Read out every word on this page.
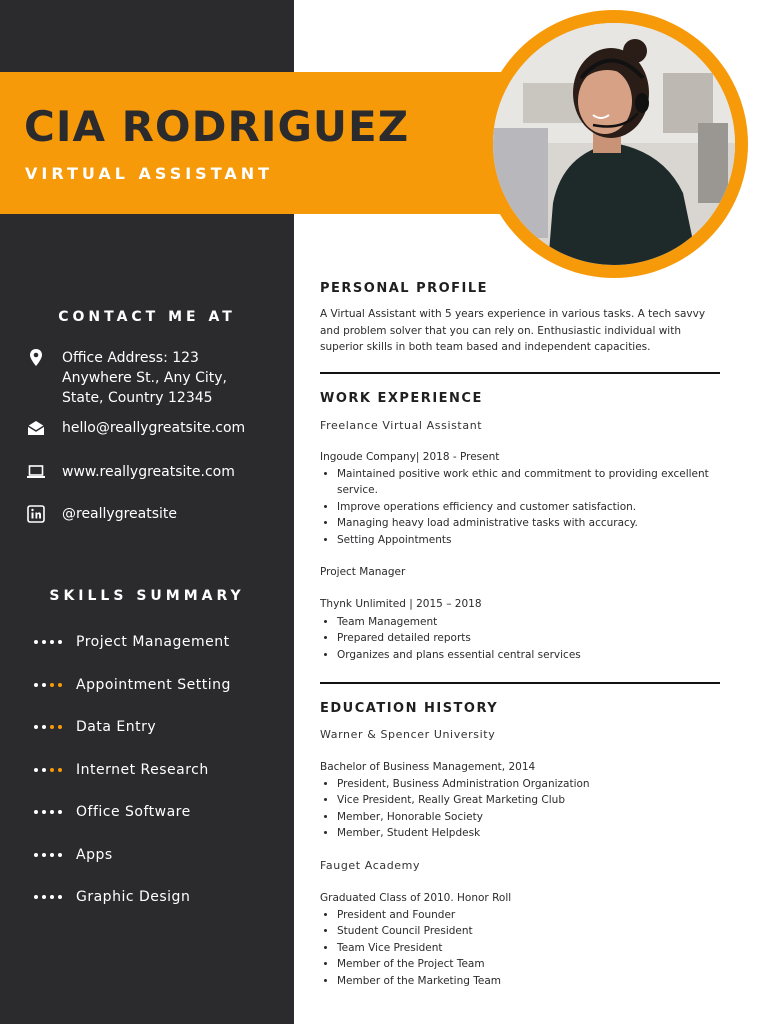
CIA RODRIGUEZ
VIRTUAL ASSISTANT
CONTACT ME AT
Office Address: 123 Anywhere St., Any City, State, Country 12345
hello@reallygreatsite.com
www.reallygreatsite.com
@reallygreatsite
SKILLS SUMMARY
Project Management
Appointment Setting
Data Entry
Internet Research
Office Software
Apps
Graphic Design
PERSONAL PROFILE
A Virtual Assistant with 5 years experience in various tasks. A tech savvy and problem solver that you can rely on. Enthusiastic individual with superior skills in both team based and independent capacities.
WORK EXPERIENCE
Freelance Virtual Assistant
Ingoude Company| 2018 - Present
• Maintained positive work ethic and commitment to providing excellent service.
• Improve operations efficiency and customer satisfaction.
• Managing heavy load administrative tasks with accuracy.
• Setting Appointments
Project Manager
Thynk Unlimited | 2015 – 2018
• Team Management
• Prepared detailed reports
• Organizes and plans essential central services
EDUCATION HISTORY
Warner & Spencer University
Bachelor of Business Management, 2014
• President, Business Administration Organization
• Vice President, Really Great Marketing Club
• Member, Honorable Society
• Member, Student Helpdesk
Fauget Academy
Graduated Class of 2010. Honor Roll
• President and Founder
• Student Council President
• Team Vice President
• Member of the Project Team
• Member of the Marketing Team
